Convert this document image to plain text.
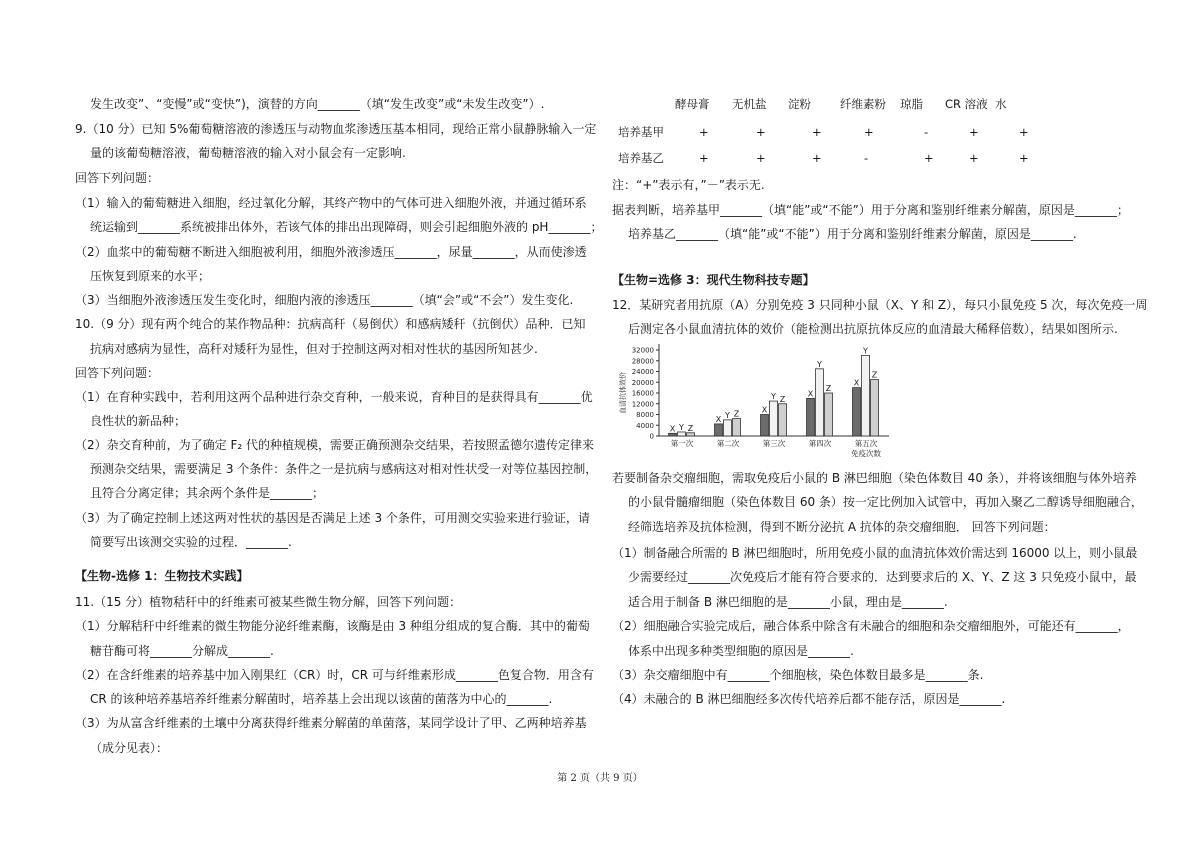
发生改变”、“变慢”或“变快”)，演替的方向_______（填“发生改变”或“未发生改变”）.
9.（10 分）已知 5%葡萄糖溶液的渗透压与动物血浆渗透压基本相同，现给正常小鼠静脉输入一定
量的该葡萄糖溶液，葡萄糖溶液的输入对小鼠会有一定影响.
回答下列问题：
（1）输入的葡萄糖进入细胞，经过氧化分解，其终产物中的气体可进入细胞外液，并通过循环系
统运输到_______系统被排出体外，若该气体的排出出现障碍，则会引起细胞外液的 pH_______；
（2）血浆中的葡萄糖不断进入细胞被利用，细胞外液渗透压_______，尿量_______，从而使渗透
压恢复到原来的水平；
（3）当细胞外液渗透压发生变化时，细胞内液的渗透压_______（填“会”或“不会”）发生变化.
10.（9 分）现有两个纯合的某作物品种：抗病高秆（易倒伏）和感病矮秆（抗倒伏）品种．已知
抗病对感病为显性，高秆对矮秆为显性，但对于控制这两对相对性状的基因所知甚少.
回答下列问题：
（1）在育种实践中，若利用这两个品种进行杂交育种，一般来说，育种目的是获得具有_______优
良性状的新品种；
（2）杂交育种前，为了确定 F₂ 代的种植规模，需要正确预测杂交结果，若按照孟德尔遗传定律来
预测杂交结果，需要满足 3 个条件：条件之一是抗病与感病这对相对性状受一对等位基因控制，
且符合分离定律；其余两个条件是_______；
（3）为了确定控制上述这两对性状的基因是否满足上述 3 个条件，可用测交实验来进行验证，请
简要写出该测交实验的过程．_______.
【生物-选修 1：生物技术实践】
11.（15 分）植物秸秆中的纤维素可被某些微生物分解，回答下列问题：
（1）分解秸秆中纤维素的微生物能分泌纤维素酶，该酶是由 3 种组分组成的复合酶．其中的葡萄
糖苷酶可将_______分解成_______.
（2）在含纤维素的培养基中加入刚果红（CR）时，CR 可与纤维素形成_______色复合物．用含有
CR 的该种培养基培养纤维素分解菌时，培养基上会出现以该菌的菌落为中心的_______.
（3）为从富含纤维素的土壤中分离获得纤维素分解菌的单菌落，某同学设计了甲、乙两种培养基
（成分见表）：
酵母膏 无机盐 淀粉	纤维素粉 琼脂 CR 溶液 水
培养基甲	+	+	+	+	-	+	+
培养基乙	+	+	+	-	+	+	+
注：“+”表示有，”－”表示无.
据表判断，培养基甲_______（填“能”或“不能”）用于分离和鉴别纤维素分解菌，原因是_______；
培养基乙_______（填“能”或“不能”）用于分离和鉴别纤维素分解菌，原因是_______.
【生物=选修 3：现代生物科技专题】
12．某研究者用抗原（A）分别免疫 3 只同种小鼠（X、Y 和 Z），每只小鼠免疫 5 次，每次免疫一周
后测定各小鼠血清抗体的效价（能检测出抗原抗体反应的血清最大稀释倍数），结果如图所示.
若要制备杂交瘤细胞，需取免疫后小鼠的 B 淋巴细胞（染色体数目 40 条），并将该细胞与体外培养
的小鼠骨髓瘤细胞（染色体数目 60 条）按一定比例加入试管中，再加入聚乙二醇诱导细胞融合，
经筛选培养及抗体检测，得到不断分泌抗 A 抗体的杂交瘤细胞． 回答下列问题：
（1）制备融合所需的 B 淋巴细胞时，所用免疫小鼠的血清抗体效价需达到 16000 以上，则小鼠最
少需要经过_______次免疫后才能有符合要求的．达到要求后的 X、Y、Z 这 3 只免疫小鼠中，最
适合用于制备 B 淋巴细胞的是_______小鼠，理由是_______.
（2）细胞融合实验完成后，融合体系中除含有未融合的细胞和杂交瘤细胞外，可能还有_______，
体系中出现多种类型细胞的原因是_______.
（3）杂交瘤细胞中有_______个细胞核，染色体数目最多是_______条.
（4）未融合的 B 淋巴细胞经多次传代培养后都不能存活，原因是_______.
0
4000
8000
12000
16000
20000
24000
28000
32000
血清抗体效价
X Y Z
第一次
X Y Z
第二次
X
Y Z
第三次
X
Y
Z
第四次
X
Y
Z
第五次
免疫次数
第 2 页（共 9 页）
